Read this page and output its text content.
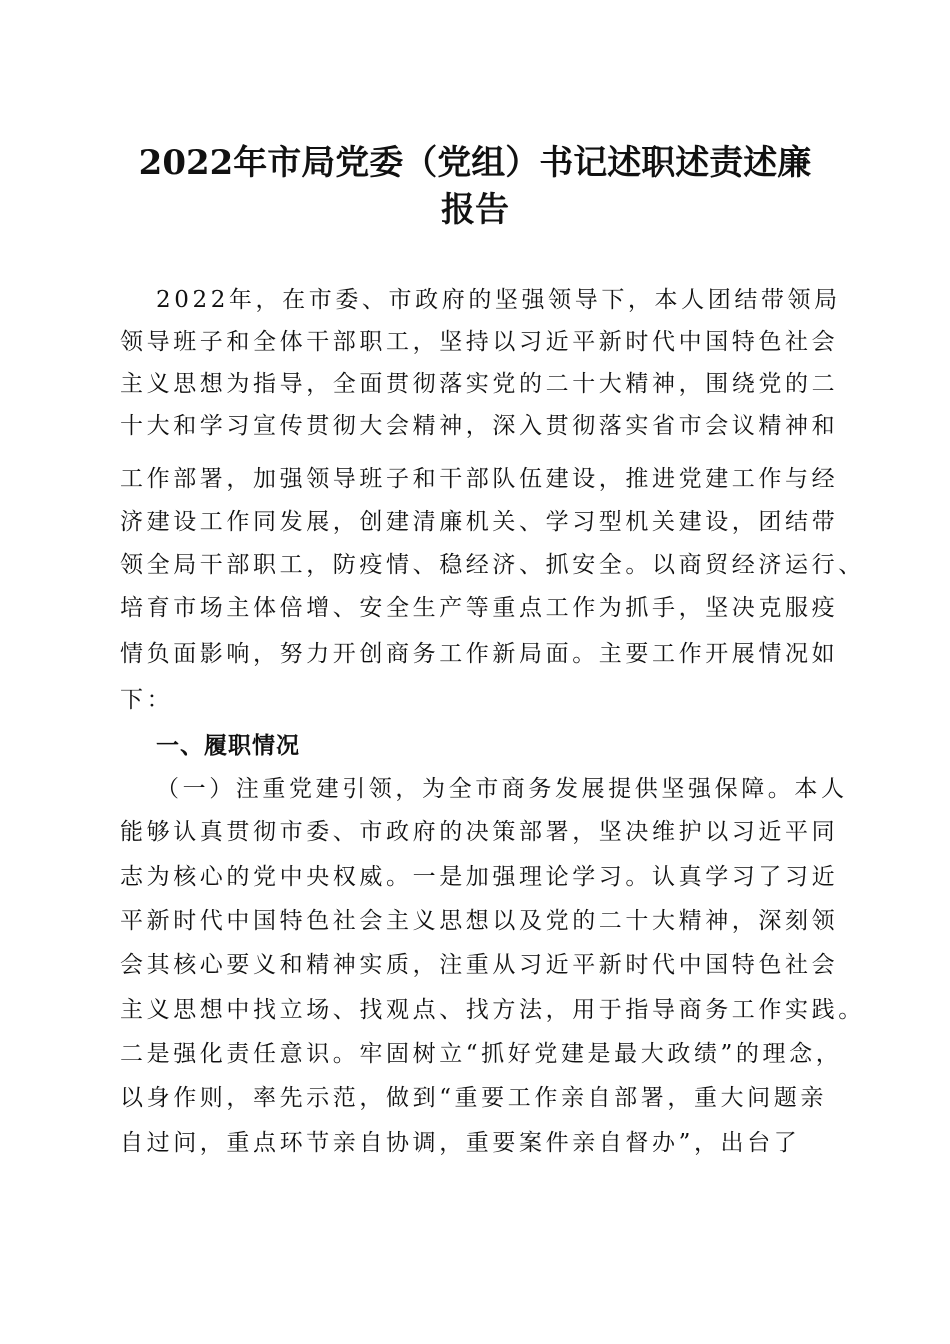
2022年市局党委（党组）书记述职述责述廉
报告
2022年，在市委、市政府的坚强领导下，本人团结带领局
领导班子和全体干部职工，坚持以习近平新时代中国特色社会
主义思想为指导，全面贯彻落实党的二十大精神，围绕党的二
十大和学习宣传贯彻大会精神，深入贯彻落实省市会议精神和
工作部署，加强领导班子和干部队伍建设，推进党建工作与经
济建设工作同发展，创建清廉机关、学习型机关建设，团结带
领全局干部职工，防疫情、稳经济、抓安全。以商贸经济运行、
培育市场主体倍增、安全生产等重点工作为抓手，坚决克服疫
情负面影响，努力开创商务工作新局面。主要工作开展情况如
下：
一、履职情况
（一）注重党建引领，为全市商务发展提供坚强保障。本人
能够认真贯彻市委、市政府的决策部署，坚决维护以习近平同
志为核心的党中央权威。一是加强理论学习。认真学习了习近
平新时代中国特色社会主义思想以及党的二十大精神，深刻领
会其核心要义和精神实质，注重从习近平新时代中国特色社会
主义思想中找立场、找观点、找方法，用于指导商务工作实践。
二是强化责任意识。牢固树立“抓好党建是最大政绩”的理念，
以身作则，率先示范，做到“重要工作亲自部署，重大问题亲
自过问，重点环节亲自协调，重要案件亲自督办”，出台了
